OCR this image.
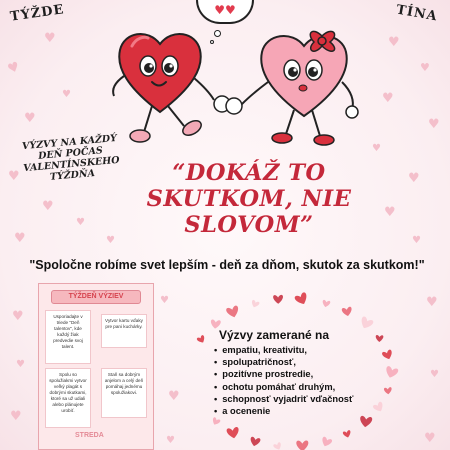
♥
♥
♥
♥
♥
♥
♥
♥
♥
♥
♥
♥
♥
♥
♥
♥	♥
♥
♥
♥
♥
♥
♥
♥
♥
♥
TÝŽDE	TÍNA
♥♥
VÝZVY NA KAŽDÝ DEŇ POČAS VALENTÍNSKEHO TÝŽDŇA	“DOKÁŽ TO SKUTKOM, NIE SLOVOM”
"Spoločne robíme svet lepším - deň za dňom, skutok za skutkom!"
TÝŽDEŇ VÝZIEV
Usporiadajte v triede "Deň talentov", kde každý žiak predvedie svoj talent.
Vytvor kartu vďaky pre pani kuchárky.
Spolu so spolužiakmi vytvor veľký plagát s dobrými skutkami, ktoré sa už udiali alebo plánujete urobiť.
Staň sa dobrým anjelom a celý deň pomáhaj jednému spolužiakovi.
STREDA
Výzvy zamerané na
• empatiu, kreativitu,
• spolupatričnosť,
• pozitívne prostredie,
• ochotu pomáhať druhým,
• schopnosť vyjadriť vďačnosť
• a ocenenie
